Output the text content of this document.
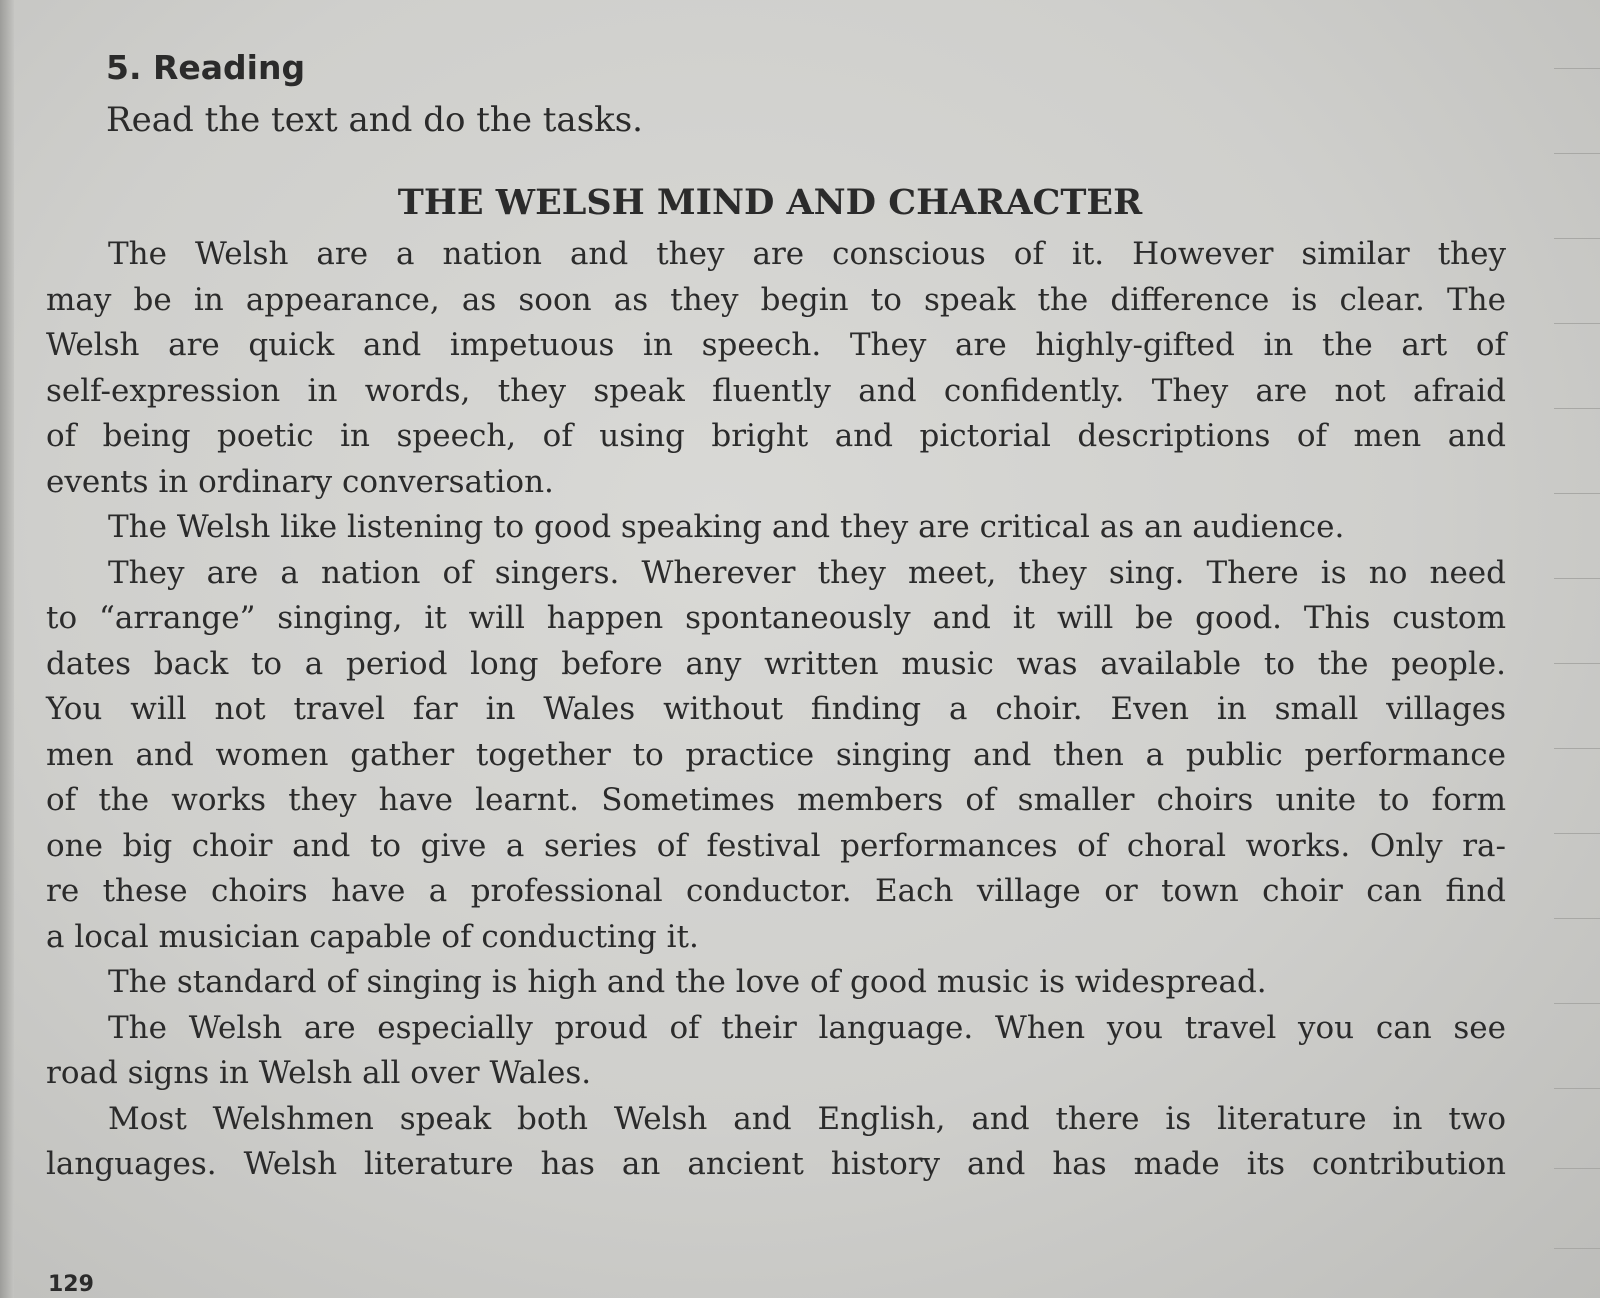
5. Reading

Read the text and do the tasks.

THE WELSH MIND AND CHARACTER
The Welsh are a nation and they are conscious of it. However similar they
may be in appearance, as soon as they begin to speak the difference is clear. The
Welsh are quick and impetuous in speech. They are highly-gifted in the art of
self-expression in words, they speak fluently and confidently. They are not afraid
of being poetic in speech, of using bright and pictorial descriptions of men and
events in ordinary conversation.
The Welsh like listening to good speaking and they are critical as an audience.
They are a nation of singers. Wherever they meet, they sing. There is no need
to “arrange” singing, it will happen spontaneously and it will be good. This custom
dates back to a period long before any written music was available to the people.
You will not travel far in Wales without finding a choir. Even in small villages
men and women gather together to practice singing and then a public performance
of the works they have learnt. Sometimes members of smaller choirs unite to form
one big choir and to give a series of festival performances of choral works. Only ra-
re these choirs have a professional conductor. Each village or town choir can find
a local musician capable of conducting it.
The standard of singing is high and the love of good music is widespread.
The Welsh are especially proud of their language. When you travel you can see
road signs in Welsh all over Wales.
Most Welshmen speak both Welsh and English, and there is literature in two
languages. Welsh literature has an ancient history and has made its contribution
129
